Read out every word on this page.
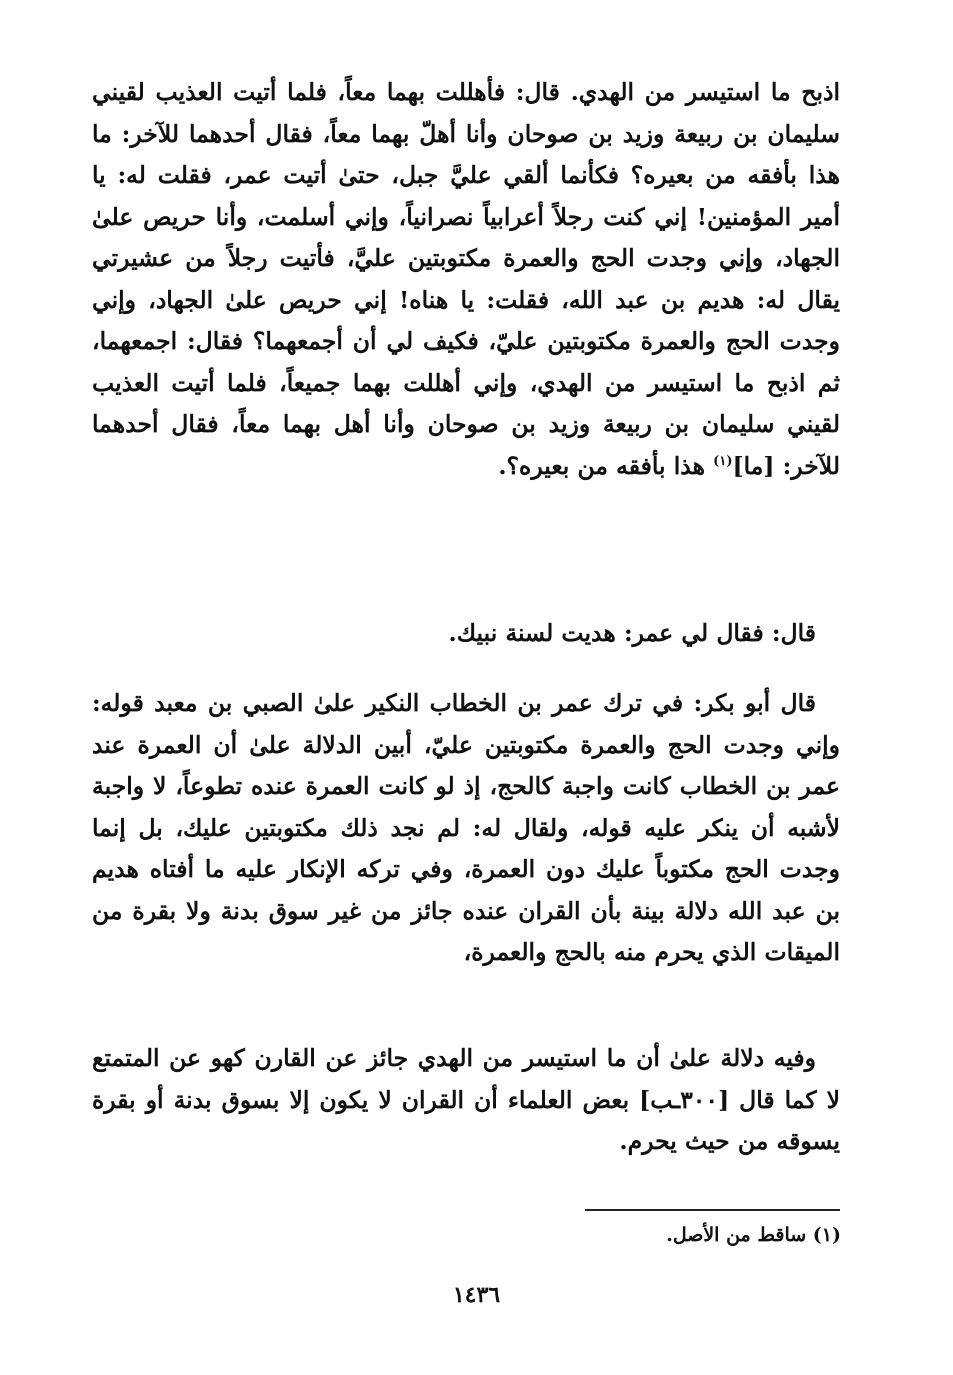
اذبح ما استيسر من الهدي. قال: فأهللت بهما معاً، فلما أتيت العذيب لقيني سليمان بن ربيعة وزيد بن صوحان وأنا أهلّ بهما معاً، فقال أحدهما للآخر: ما هذا بأفقه من بعيره؟ فكأنما ألقي عليَّ جبل، حتىٰ أتيت عمر، فقلت له: يا أمير المؤمنين! إني كنت رجلاً أعرابياً نصرانياً، وإني أسلمت، وأنا حريص علىٰ الجهاد، وإني وجدت الحج والعمرة مكتوبتين عليَّ، فأتيت رجلاً من عشيرتي يقال له: هديم بن عبد الله، فقلت: يا هناه! إني حريص علىٰ الجهاد، وإني وجدت الحج والعمرة مكتوبتين عليّ، فكيف لي أن أجمعهما؟ فقال: اجمعهما، ثم اذبح ما استيسر من الهدي، وإني أهللت بهما جميعاً، فلما أتيت العذيب لقيني سليمان بن ربيعة وزيد بن صوحان وأنا أهل بهما معاً، فقال أحدهما للآخر: [ما]$^{(١)}$ هذا بأفقه من بعيره؟.

قال: فقال لي عمر: هديت لسنة نبيك.

قال أبو بكر: في ترك عمر بن الخطاب النكير علىٰ الصبي بن معبد قوله: وإني وجدت الحج والعمرة مكتوبتين عليّ، أبين الدلالة علىٰ أن العمرة عند عمر بن الخطاب كانت واجبة كالحج، إذ لو كانت العمرة عنده تطوعاً، لا واجبة لأشبه أن ينكر عليه قوله، ولقال له: لم نجد ذلك مكتوبتين عليك، بل إنما وجدت الحج مكتوباً عليك دون العمرة، وفي تركه الإنكار عليه ما أفتاه هديم بن عبد الله دلالة بينة بأن القران عنده جائز من غير سوق بدنة ولا بقرة من الميقات الذي يحرم منه بالحج والعمرة،

وفيه دلالة علىٰ أن ما استيسر من الهدي جائز عن القارن كهو عن المتمتع لا كما قال [٣٠٠ـب] بعض العلماء أن القران لا يكون إلا بسوق بدنة أو بقرة يسوقه من حيث يحرم.

(١) ساقط من الأصل.
١٤٣٦
